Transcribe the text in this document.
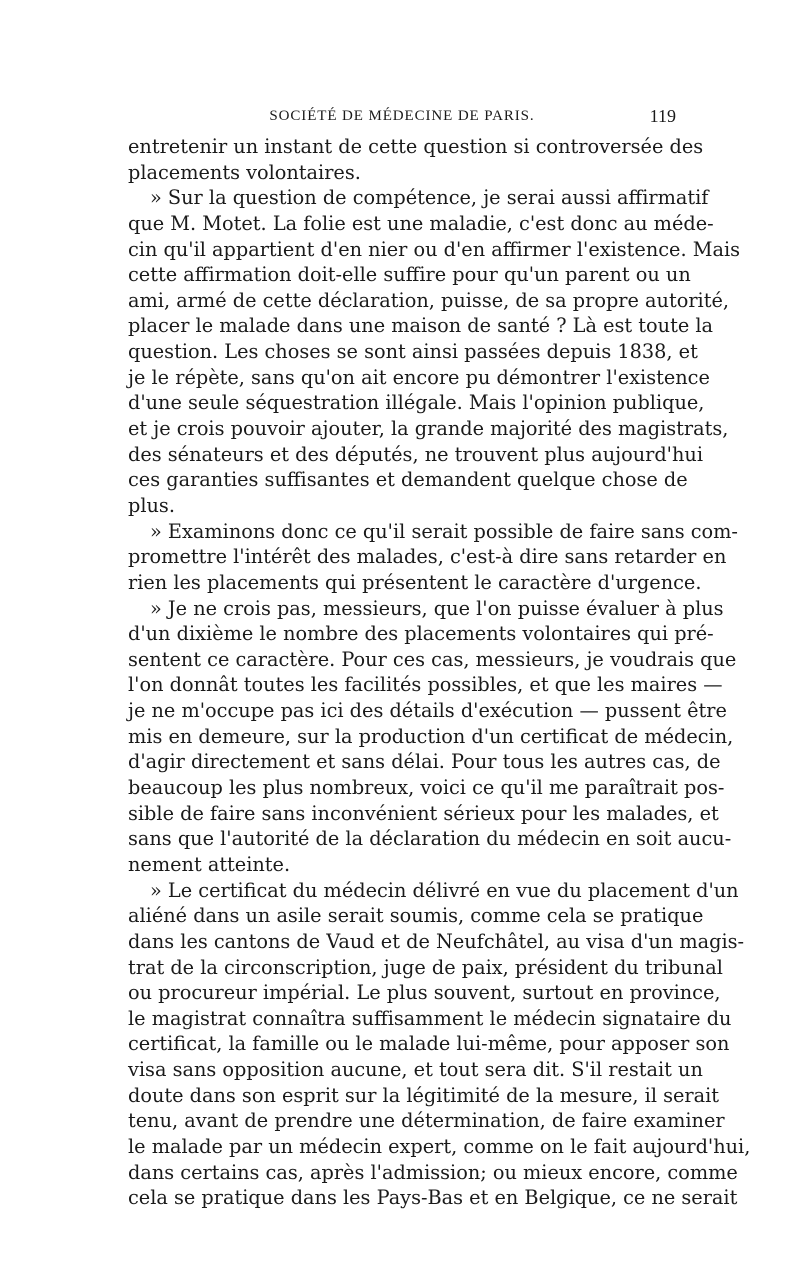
SOCIÉTÉ DE MÉDECINE DE PARIS.	119
entretenir un instant de cette question si controversée des
placements volontaires.
» Sur la question de compétence, je serai aussi affirmatif
que M. Motet. La folie est une maladie, c'est donc au méde-
cin qu'il appartient d'en nier ou d'en affirmer l'existence. Mais
cette affirmation doit-elle suffire pour qu'un parent ou un
ami, armé de cette déclaration, puisse, de sa propre autorité,
placer le malade dans une maison de santé ? Là est toute la
question. Les choses se sont ainsi passées depuis 1838, et
je le répète, sans qu'on ait encore pu démontrer l'existence
d'une seule séquestration illégale. Mais l'opinion publique,
et je crois pouvoir ajouter, la grande majorité des magistrats,
des sénateurs et des députés, ne trouvent plus aujourd'hui
ces garanties suffisantes et demandent quelque chose de
plus.
» Examinons donc ce qu'il serait possible de faire sans com-
promettre l'intérêt des malades, c'est-à dire sans retarder en
rien les placements qui présentent le caractère d'urgence.
» Je ne crois pas, messieurs, que l'on puisse évaluer à plus
d'un dixième le nombre des placements volontaires qui pré-
sentent ce caractère. Pour ces cas, messieurs, je voudrais que
l'on donnât toutes les facilités possibles, et que les maires —
je ne m'occupe pas ici des détails d'exécution — pussent être
mis en demeure, sur la production d'un certificat de médecin,
d'agir directement et sans délai. Pour tous les autres cas, de
beaucoup les plus nombreux, voici ce qu'il me paraîtrait pos-
sible de faire sans inconvénient sérieux pour les malades, et
sans que l'autorité de la déclaration du médecin en soit aucu-
nement atteinte.
» Le certificat du médecin délivré en vue du placement d'un
aliéné dans un asile serait soumis, comme cela se pratique
dans les cantons de Vaud et de Neufchâtel, au visa d'un magis-
trat de la circonscription, juge de paix, président du tribunal
ou procureur impérial. Le plus souvent, surtout en province,
le magistrat connaîtra suffisamment le médecin signataire du
certificat, la famille ou le malade lui-même, pour apposer son
visa sans opposition aucune, et tout sera dit. S'il restait un
doute dans son esprit sur la légitimité de la mesure, il serait
tenu, avant de prendre une détermination, de faire examiner
le malade par un médecin expert, comme on le fait aujourd'hui,
dans certains cas, après l'admission; ou mieux encore, comme
cela se pratique dans les Pays-Bas et en Belgique, ce ne serait
